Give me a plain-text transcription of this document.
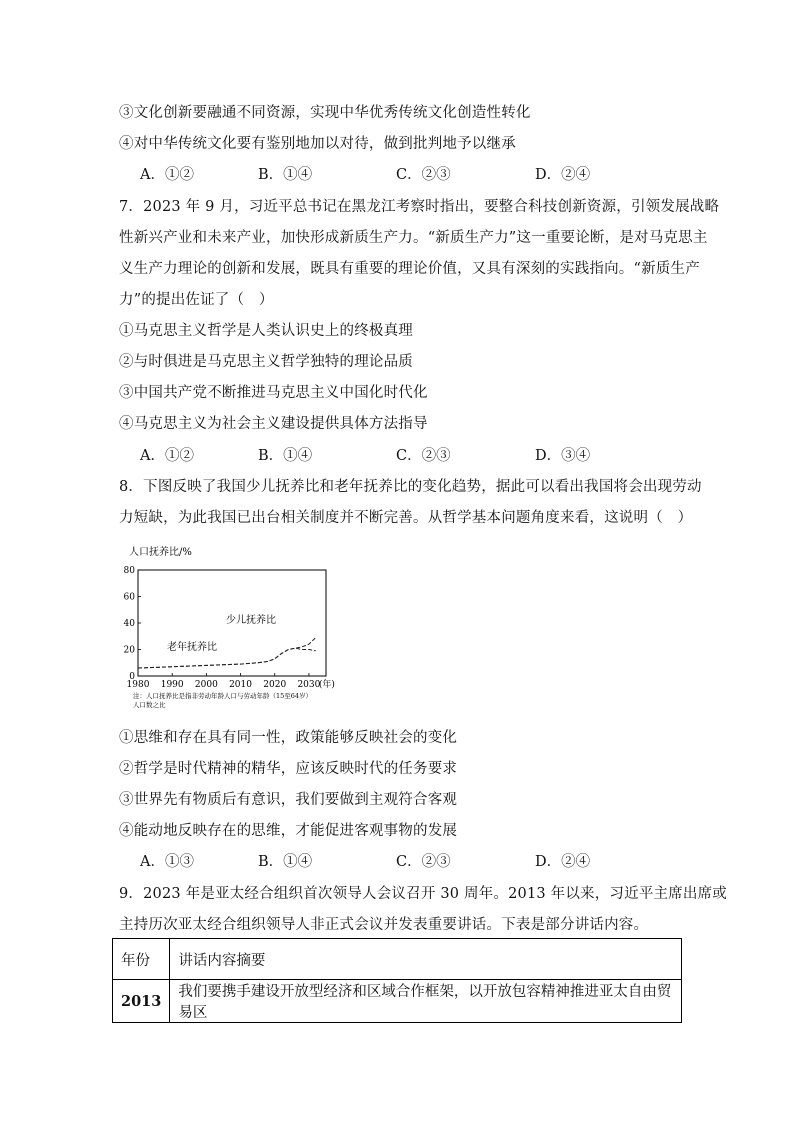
③文化创新要融通不同资源，实现中华优秀传统文化创造性转化
④对中华传统文化要有鉴别地加以对待，做到批判地予以继承
A．①②	B．①④	C．②③	D．②④
7．2023 年 9 月，习近平总书记在黑龙江考察时指出，要整合科技创新资源，引领发展战略
性新兴产业和未来产业，加快形成新质生产力。“新质生产力”这一重要论断，是对马克思主
义生产力理论的创新和发展，既具有重要的理论价值，又具有深刻的实践指向。“新质生产
力”的提出佐证了（　）
①马克思主义哲学是人类认识史上的终极真理
②与时俱进是马克思主义哲学独特的理论品质
③中国共产党不断推进马克思主义中国化时代化
④马克思主义为社会主义建设提供具体方法指导
A．①②	B．①④	C．②③	D．③④
8．下图反映了我国少儿抚养比和老年抚养比的变化趋势，据此可以看出我国将会出现劳动
力短缺，为此我国已出台相关制度并不断完善。从哲学基本问题角度来看，这说明（　）
人口抚养比/%
0
20
40
60
80
1980 1990 2000 2010 2020 2030
(年)
少儿抚养比
老年抚养比
注：人口抚养比是指非劳动年龄人口与劳动年龄（15至64岁）
人口数之比
①思维和存在具有同一性，政策能够反映社会的变化
②哲学是时代精神的精华，应该反映时代的任务要求
③世界先有物质后有意识，我们要做到主观符合客观
④能动地反映存在的思维，才能促进客观事物的发展
A．①③	B．①④	C．②③	D．②④
9．2023 年是亚太经合组织首次领导人会议召开 30 周年。2013 年以来，习近平主席出席或
主持历次亚太经合组织领导人非正式会议并发表重要讲话。下表是部分讲话内容。
年份	讲话内容摘要
2013	我们要携手建设开放型经济和区域合作框架，以开放包容精神推进亚太自由贸易区
